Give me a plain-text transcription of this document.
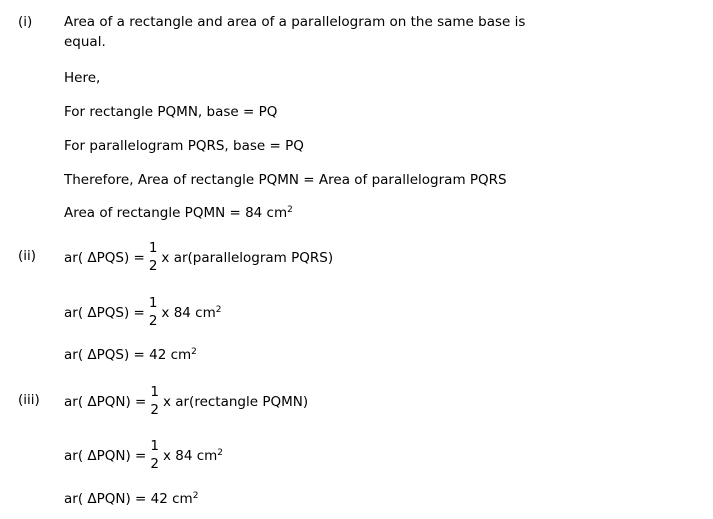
(i) Area of a rectangle and area of a parallelogram on the same base is
equal.
Here,
For rectangle PQMN, base = PQ
For parallelogram PQRS, base = PQ
Therefore, Area of rectangle PQMN = Area of parallelogram PQRS
Area of rectangle PQMN = 84 $cm^2$
(ii) ar( ΔPQS) =
1
2 x ar(parallelogram PQRS)
ar( ΔPQS) =
1
2 x 84 $cm^2$
ar( ΔPQS) = 42 $cm^2$
(iii) ar( ΔPQN) =
1
2 x ar(rectangle PQMN)
ar( ΔPQN) =
1
2 x 84 $cm^2$
ar( ΔPQN) = 42 $cm^2$
